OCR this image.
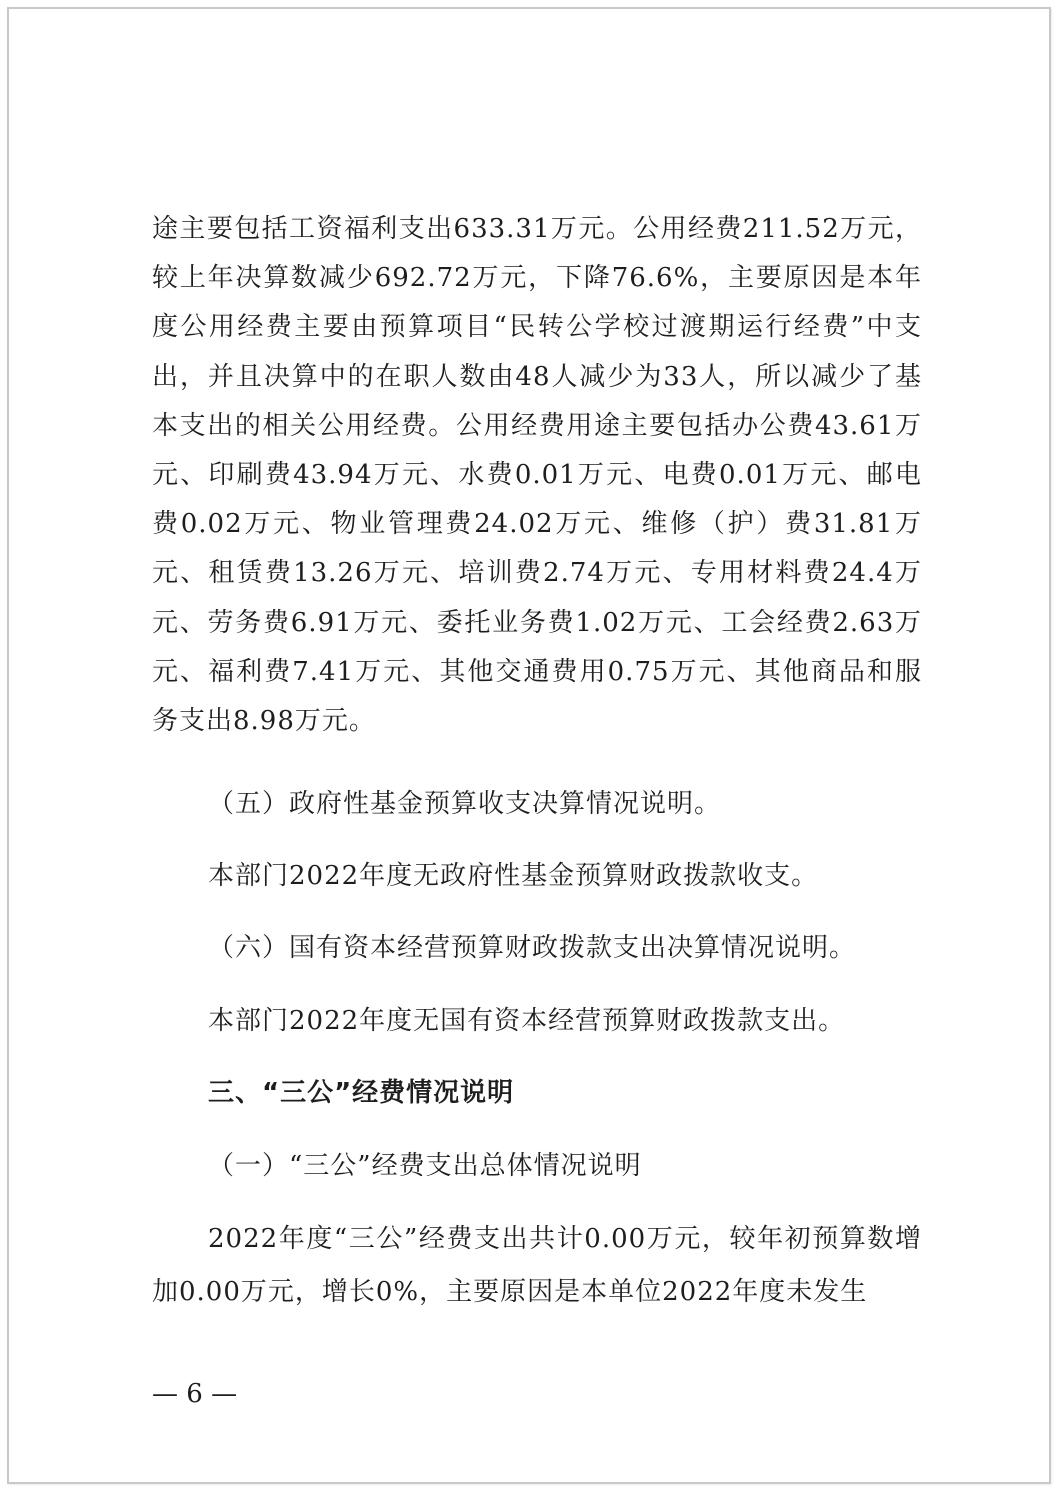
途主要包括工资福利支出633.31万元。公用经费211.52万元，较上年决算数减少692.72万元，下降76.6%，主要原因是本年度公用经费主要由预算项目“民转公学校过渡期运行经费”中支出，并且决算中的在职人数由48人减少为33人，所以减少了基本支出的相关公用经费。公用经费用途主要包括办公费43.61万元、印刷费43.94万元、水费0.01万元、电费0.01万元、邮电费0.02万元、物业管理费24.02万元、维修（护）费31.81万元、租赁费13.26万元、培训费2.74万元、专用材料费24.4万元、劳务费6.91万元、委托业务费1.02万元、工会经费2.63万元、福利费7.41万元、其他交通费用0.75万元、其他商品和服务支出8.98万元。

（五）政府性基金预算收支决算情况说明。

本部门2022年度无政府性基金预算财政拨款收支。

（六）国有资本经营预算财政拨款支出决算情况说明。

本部门2022年度无国有资本经营预算财政拨款支出。

三、“三公”经费情况说明

（一）“三公”经费支出总体情况说明

2022年度“三公”经费支出共计0.00万元，较年初预算数增加0.00万元，增长0%，主要原因是本单位2022年度未发生

— 6 —
